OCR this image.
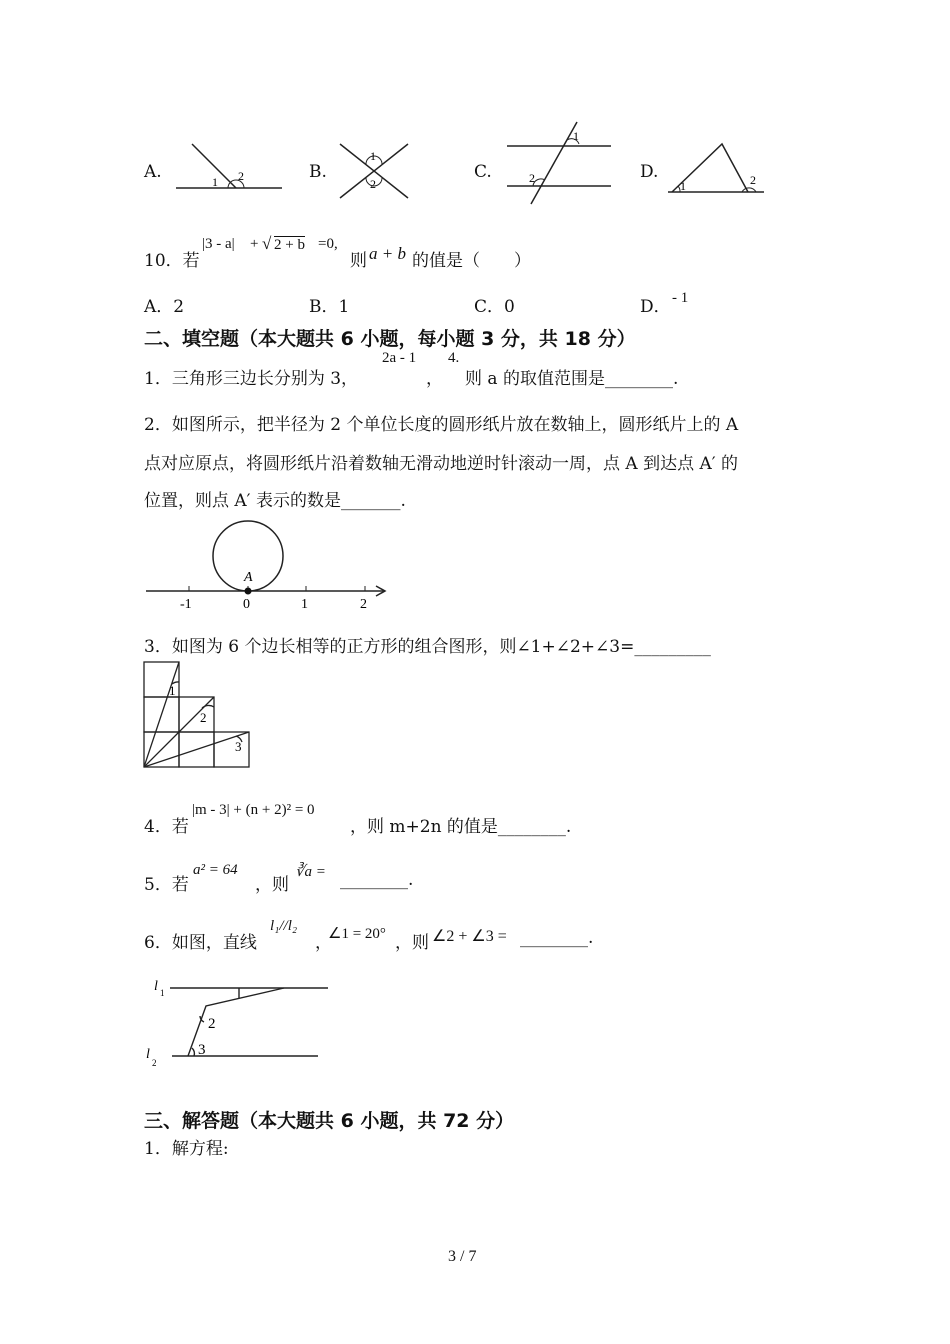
A.	1 2	B.
1
2
C.
1
2	D.
1	2
10．若
|3 - a| + √ 2 + b =0,
则 a + b 的值是（　　）
A．2	B．1	C．0	D． - 1
二、填空题（本大题共 6 小题，每小题 3 分，共 18 分）
1．三角形三边长分别为 3，
2a - 1
，
4.
则 a 的取值范围是________.
2．如图所示，把半径为 2 个单位长度的圆形纸片放在数轴上，圆形纸片上的 A
点对应原点，将圆形纸片沿着数轴无滑动地逆时针滚动一周，点 A 到达点 A′ 的
位置，则点 A′ 表示的数是_______.
A
-1	0	1	2
3．如图为 6 个边长相等的正方形的组合图形，则∠1+∠2+∠3=_________
1
2
3
4．若
|m - 3| + (n + 2)² = 0
，则 m+2n 的值是________.
5．若
a² = 64
，则
∛a = ________.
6．如图，直线
l₁//l₂
，
∠1 = 20° ，则 ∠2 + ∠3 = ________.
l 1
l
2
2
3
三、解答题（本大题共 6 小题，共 72 分）
1．解方程:
3 / 7
